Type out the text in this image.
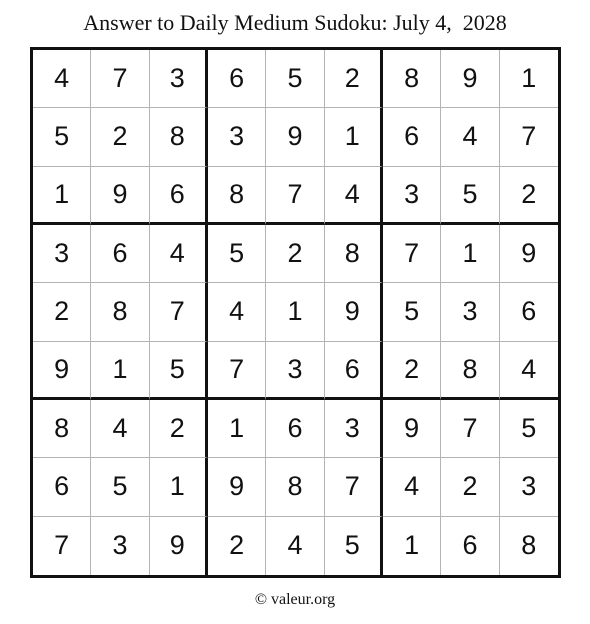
Answer to Daily Medium Sudoku: July 4,  2028
4	7	3	6	5	2	8	9	1
5	2	8	3	9	1	6	4	7
1	9	6	8	7	4	3	5	2
3	6	4	5	2	8	7	1	9
2	8	7	4	1	9	5	3	6
9	1	5	7	3	6	2	8	4
8	4	2	1	6	3	9	7	5
6	5	1	9	8	7	4	2	3
7	3	9	2	4	5	1	6	8
© valeur.org
